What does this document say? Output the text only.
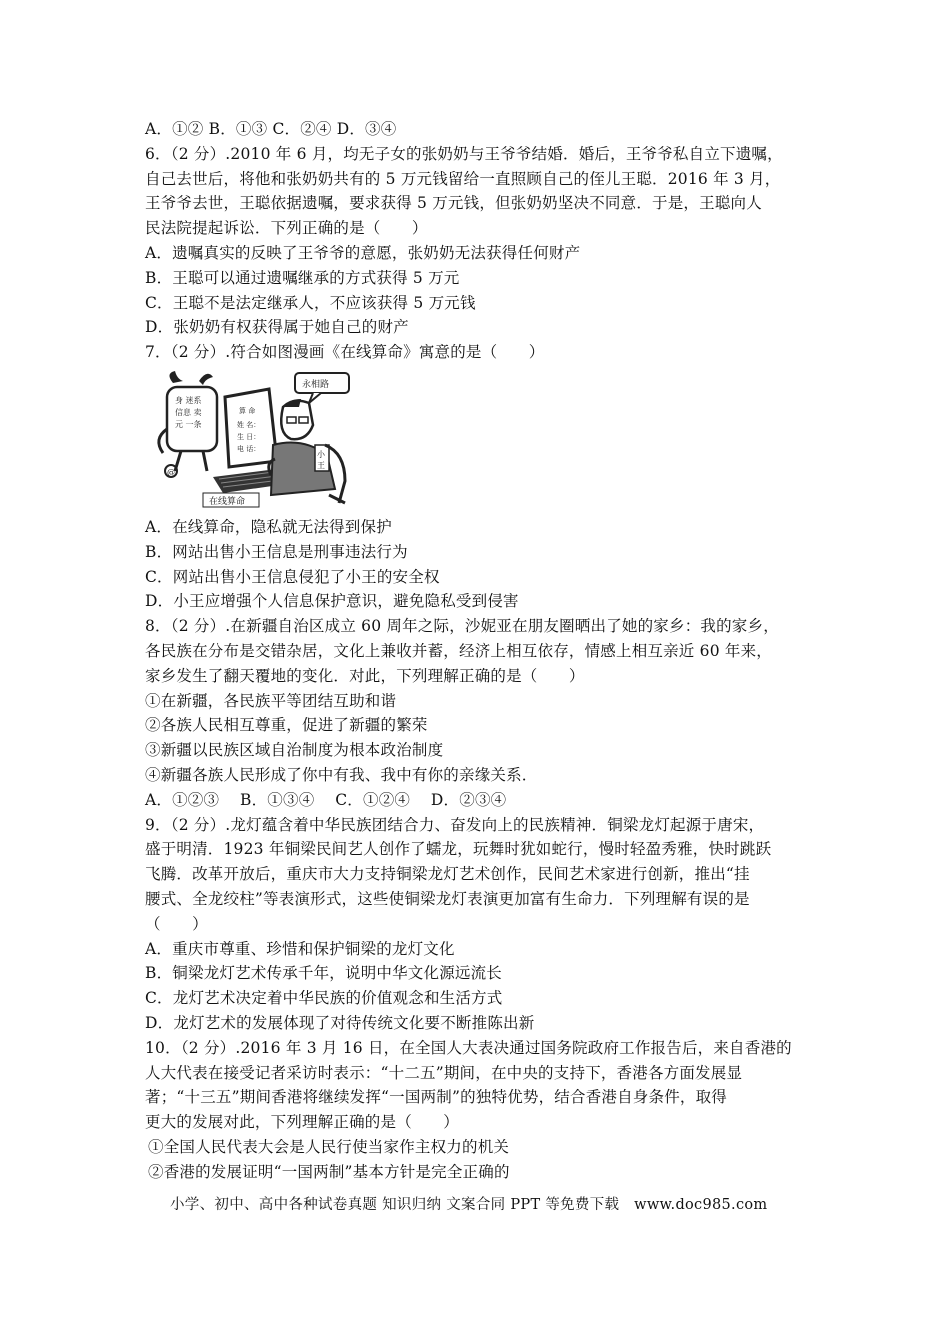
A．①② B．①③ C．②④ D．③④
6．（2 分）.2010 年 6 月，均无子女的张奶奶与王爷爷结婚．婚后，王爷爷私自立下遗嘱，
自己去世后，将他和张奶奶共有的 5 万元钱留给一直照顾自己的侄儿王聪．2016 年 3 月，
王爷爷去世，王聪依据遗嘱，要求获得 5 万元钱，但张奶奶坚决不同意．于是，王聪向人
民法院提起诉讼．下列正确的是（　　）
A．遗嘱真实的反映了王爷爷的意愿，张奶奶无法获得任何财产
B．王聪可以通过遗嘱继承的方式获得 5 万元
C．王聪不是法定继承人，不应该获得 5 万元钱
D．张奶奶有权获得属于她自己的财产
7．（2 分）.符合如图漫画《在线算命》寓意的是（　　）
身 迷系
信息 卖
元 一条
@
算 命
姓 名：
生 日：
电 话：
永相路
小
王
在线算命
A．在线算命，隐私就无法得到保护
B．网站出售小王信息是刑事违法行为
C．网站出售小王信息侵犯了小王的安全权
D．小王应增强个人信息保护意识，避免隐私受到侵害
8．（2 分）.在新疆自治区成立 60 周年之际，沙妮亚在朋友圈晒出了她的家乡：我的家乡，
各民族在分布是交错杂居，文化上兼收并蓄，经济上相互依存，情感上相互亲近 60 年来，
家乡发生了翻天覆地的变化．对此，下列理解正确的是（　　）
①在新疆，各民族平等团结互助和谐
②各族人民相互尊重，促进了新疆的繁荣
③新疆以民族区域自治制度为根本政治制度
④新疆各族人民形成了你中有我、我中有你的亲缘关系．
A．①②③　 B．①③④　 C．①②④　 D．②③④
9．（2 分）.龙灯蕴含着中华民族团结合力、奋发向上的民族精神．铜梁龙灯起源于唐宋，
盛于明清．1923 年铜梁民间艺人创作了蠕龙，玩舞时犹如蛇行，慢时轻盈秀雅，快时跳跃
飞腾．改革开放后，重庆市大力支持铜梁龙灯艺术创作，民间艺术家进行创新，推出“挂
腰式、全龙绞柱”等表演形式，这些使铜梁龙灯表演更加富有生命力．下列理解有误的是
（　　）
A．重庆市尊重、珍惜和保护铜梁的龙灯文化
B．铜梁龙灯艺术传承千年，说明中华文化源远流长
C．龙灯艺术决定着中华民族的价值观念和生活方式
D．龙灯艺术的发展体现了对待传统文化要不断推陈出新
10．（2 分）.2016 年 3 月 16 日，在全国人大表决通过国务院政府工作报告后，来自香港的
人大代表在接受记者采访时表示：“十二五”期间，在中央的支持下，香港各方面发展显
著；“十三五”期间香港将继续发挥“一国两制”的独特优势，结合香港自身条件，取得
更大的发展对此，下列理解正确的是（　　）
①全国人民代表大会是人民行使当家作主权力的机关
②香港的发展证明“一国两制”基本方针是完全正确的
小学、初中、高中各种试卷真题 知识归纳 文案合同 PPT 等免费下载　www.doc985.com
